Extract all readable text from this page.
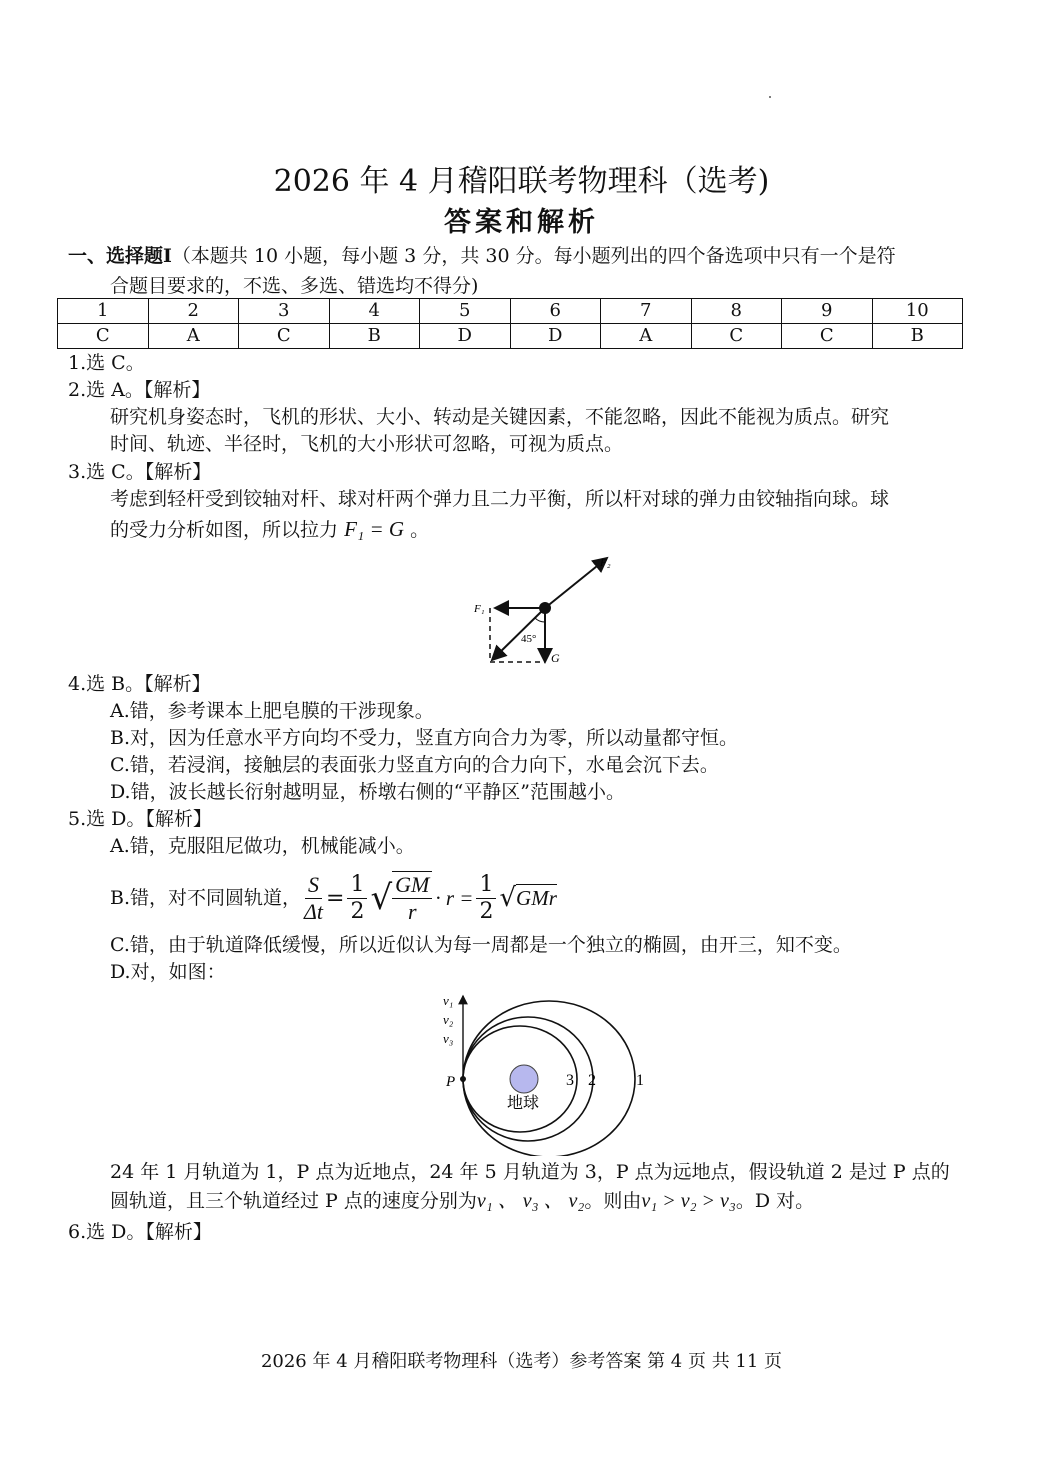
2026 年 4 月稽阳联考物理科（选考)
答案和解析
一、选择题Ⅰ（本题共 10 小题，每小题 3 分，共 30 分。每小题列出的四个备选项中只有一个是符
合题目要求的，不选、多选、错选均不得分)
1	2	3	4	5	6	7	8	9	10
C	A	C	B	D	D	A	C	C	B
1.选 C。
2.选 A。【解析】
研究机身姿态时，飞机的形状、大小、转动是关键因素，不能忽略，因此不能视为质点。研究
时间、轨迹、半径时，飞机的大小形状可忽略，可视为质点。
3.选 C。【解析】
考虑到轻杆受到铰轴对杆、球对杆两个弹力且二力平衡，所以杆对球的弹力由铰轴指向球。球
的受力分析如图，所以拉力 F₁ = G 。
F₂
F₁
G
45°
4.选 B。【解析】
A.错，参考课本上肥皂膜的干涉现象。
B.对，因为任意水平方向均不受力，竖直方向合力为零，所以动量都守恒。
C.错，若浸润，接触层的表面张力竖直方向的合力向下，水黾会沉下去。
D.错，波长越长衍射越明显，桥墩右侧的“平静区”范围越小。
5.选 D。【解析】
A.错，克服阻尼做功，机械能减小。
B.错，对不同圆轨道， $\frac{S}{\Delta t} = \frac{1}{2}$ √ $\frac{GM}{r} \cdot r = \frac{1}{2}$ √ GMr
C.错，由于轨道降低缓慢，所以近似认为每一周都是一个独立的椭圆，由开三，知不变。
D.对，如图：
v₁
v₂
v₃
P
地球
3 2	1
24 年 1 月轨道为 1，P 点为近地点，24 年 5 月轨道为 3，P 点为远地点，假设轨道 2 是过 P 点的
圆轨道，且三个轨道经过 P 点的速度分别为v₁ 、 v₃ 、 v₂。则由v₁ > v₂ > v₃。D 对。
6.选 D。【解析】
2026 年 4 月稽阳联考物理科（选考）参考答案 第 4 页 共 11 页
